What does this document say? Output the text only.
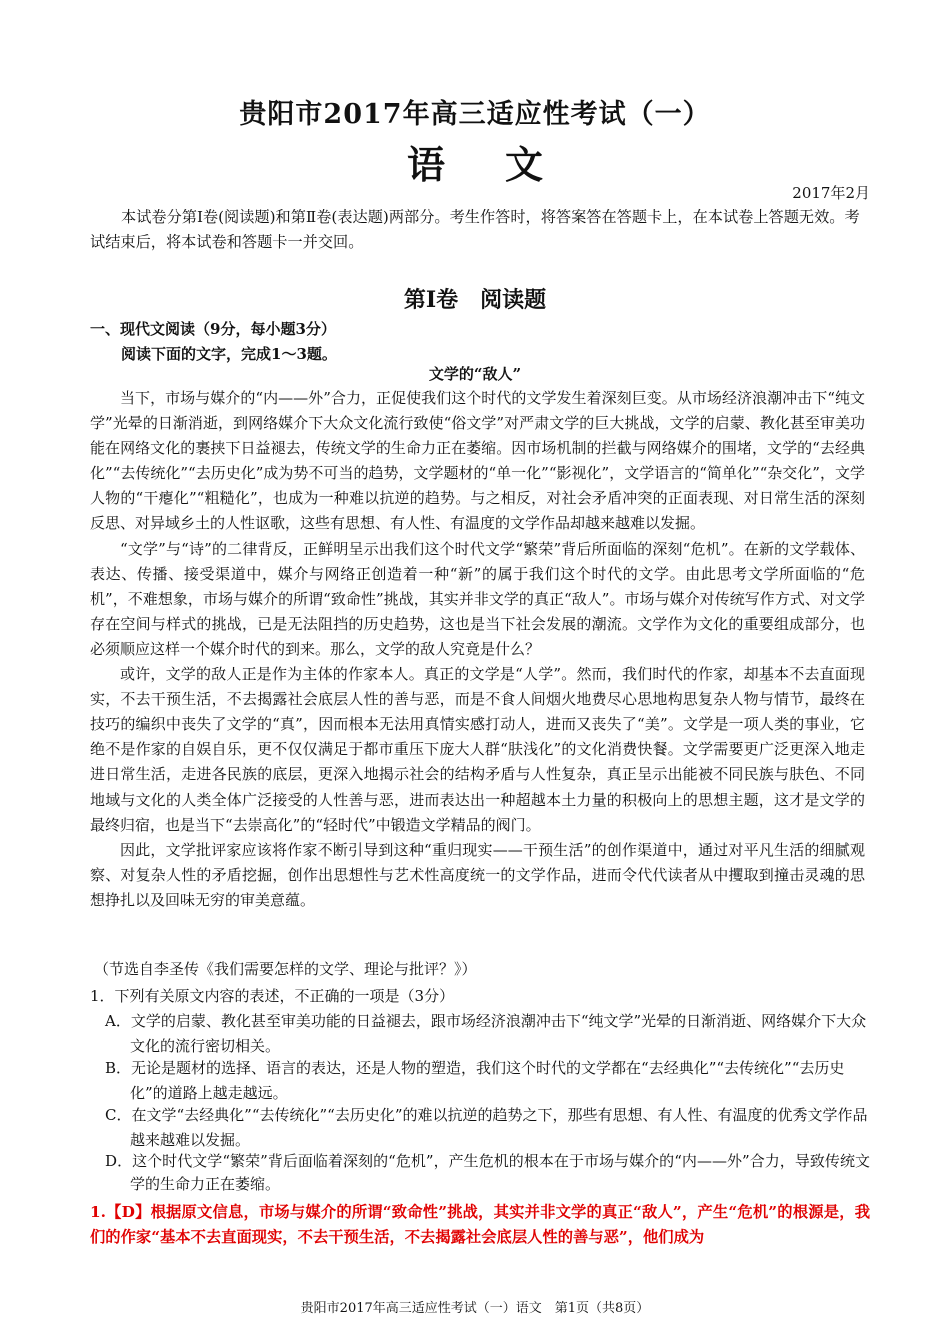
贵阳市2017年高三适应性考试（一）
语文
2017年2月
本试卷分第Ⅰ卷(阅读题)和第Ⅱ卷(表达题)两部分。考生作答时，将答案答在答题卡上，在本试卷上答题无效。考试结束后，将本试卷和答题卡一并交回。
第Ⅰ卷　阅读题
一、现代文阅读（9分，每小题3分）
阅读下面的文字，完成1～3题。
文学的“敌人”

当下，市场与媒介的“内——外”合力，正促使我们这个时代的文学发生着深刻巨变。从市场经济浪潮冲击下“纯文学”光晕的日渐消逝，到网络媒介下大众文化流行致使“俗文学”对严肃文学的巨大挑战，文学的启蒙、教化甚至审美功能在网络文化的裹挟下日益褪去，传统文学的生命力正在萎缩。因市场机制的拦截与网络媒介的围堵，文学的“去经典化”“去传统化”“去历史化”成为势不可当的趋势，文学题材的“单一化”“影视化”，文学语言的“简单化”“杂交化”，文学人物的“干瘪化”“粗糙化”，也成为一种难以抗逆的趋势。与之相反，对社会矛盾冲突的正面表现、对日常生活的深刻反思、对异域乡土的人性讴歌，这些有思想、有人性、有温度的文学作品却越来越难以发掘。

“文学”与“诗”的二律背反，正鲜明呈示出我们这个时代文学“繁荣”背后所面临的深刻“危机”。在新的文学载体、表达、传播、接受渠道中，媒介与网络正创造着一种“新”的属于我们这个时代的文学。由此思考文学所面临的“危机”，不难想象，市场与媒介的所谓“致命性”挑战，其实并非文学的真正“敌人”。市场与媒介对传统写作方式、对文学存在空间与样式的挑战，已是无法阻挡的历史趋势，这也是当下社会发展的潮流。文学作为文化的重要组成部分，也必须顺应这样一个媒介时代的到来。那么，文学的敌人究竟是什么？

或许，文学的敌人正是作为主体的作家本人。真正的文学是“人学”。然而，我们时代的作家，却基本不去直面现实，不去干预生活，不去揭露社会底层人性的善与恶，而是不食人间烟火地费尽心思地构思复杂人物与情节，最终在技巧的编织中丧失了文学的“真”，因而根本无法用真情实感打动人，进而又丧失了“美”。文学是一项人类的事业，它绝不是作家的自娱自乐，更不仅仅满足于都市重压下庞大人群“肤浅化”的文化消费快餐。文学需要更广泛更深入地走进日常生活，走进各民族的底层，更深入地揭示社会的结构矛盾与人性复杂，真正呈示出能被不同民族与肤色、不同地域与文化的人类全体广泛接受的人性善与恶，进而表达出一种超越本土力量的积极向上的思想主题，这才是文学的最终归宿，也是当下“去崇高化”的“轻时代”中锻造文学精品的阀门。

因此，文学批评家应该将作家不断引导到这种“重归现实——干预生活”的创作渠道中，通过对平凡生活的细腻观察、对复杂人性的矛盾挖掘，创作出思想性与艺术性高度统一的文学作品，进而令代代读者从中攫取到撞击灵魂的思想挣扎以及回味无穷的审美意蕴。

（节选自李圣传《我们需要怎样的文学、理论与批评？》）
1．下列有关原文内容的表述，不正确的一项是（3分）
A．文学的启蒙、教化甚至审美功能的日益褪去，跟市场经济浪潮冲击下“纯文学”光晕的日渐消逝、网络媒介下大众文化的流行密切相关。
B．无论是题材的选择、语言的表达，还是人物的塑造，我们这个时代的文学都在“去经典化”“去传统化”“去历史化”的道路上越走越远。
C．在文学“去经典化”“去传统化”“去历史化”的难以抗逆的趋势之下，那些有思想、有人性、有温度的优秀文学作品越来越难以发掘。
D．这个时代文学“繁荣”背后面临着深刻的“危机”，产生危机的根本在于市场与媒介的“内——外”合力，导致传统文学的生命力正在萎缩。
1.【D】根据原文信息，市场与媒介的所谓“致命性”挑战，其实并非文学的真正“敌人”，产生“危机”的根源是，我们的作家“基本不去直面现实，不去干预生活，不去揭露社会底层人性的善与恶”，他们成为
贵阳市2017年高三适应性考试（一）语文　第1页（共8页）
